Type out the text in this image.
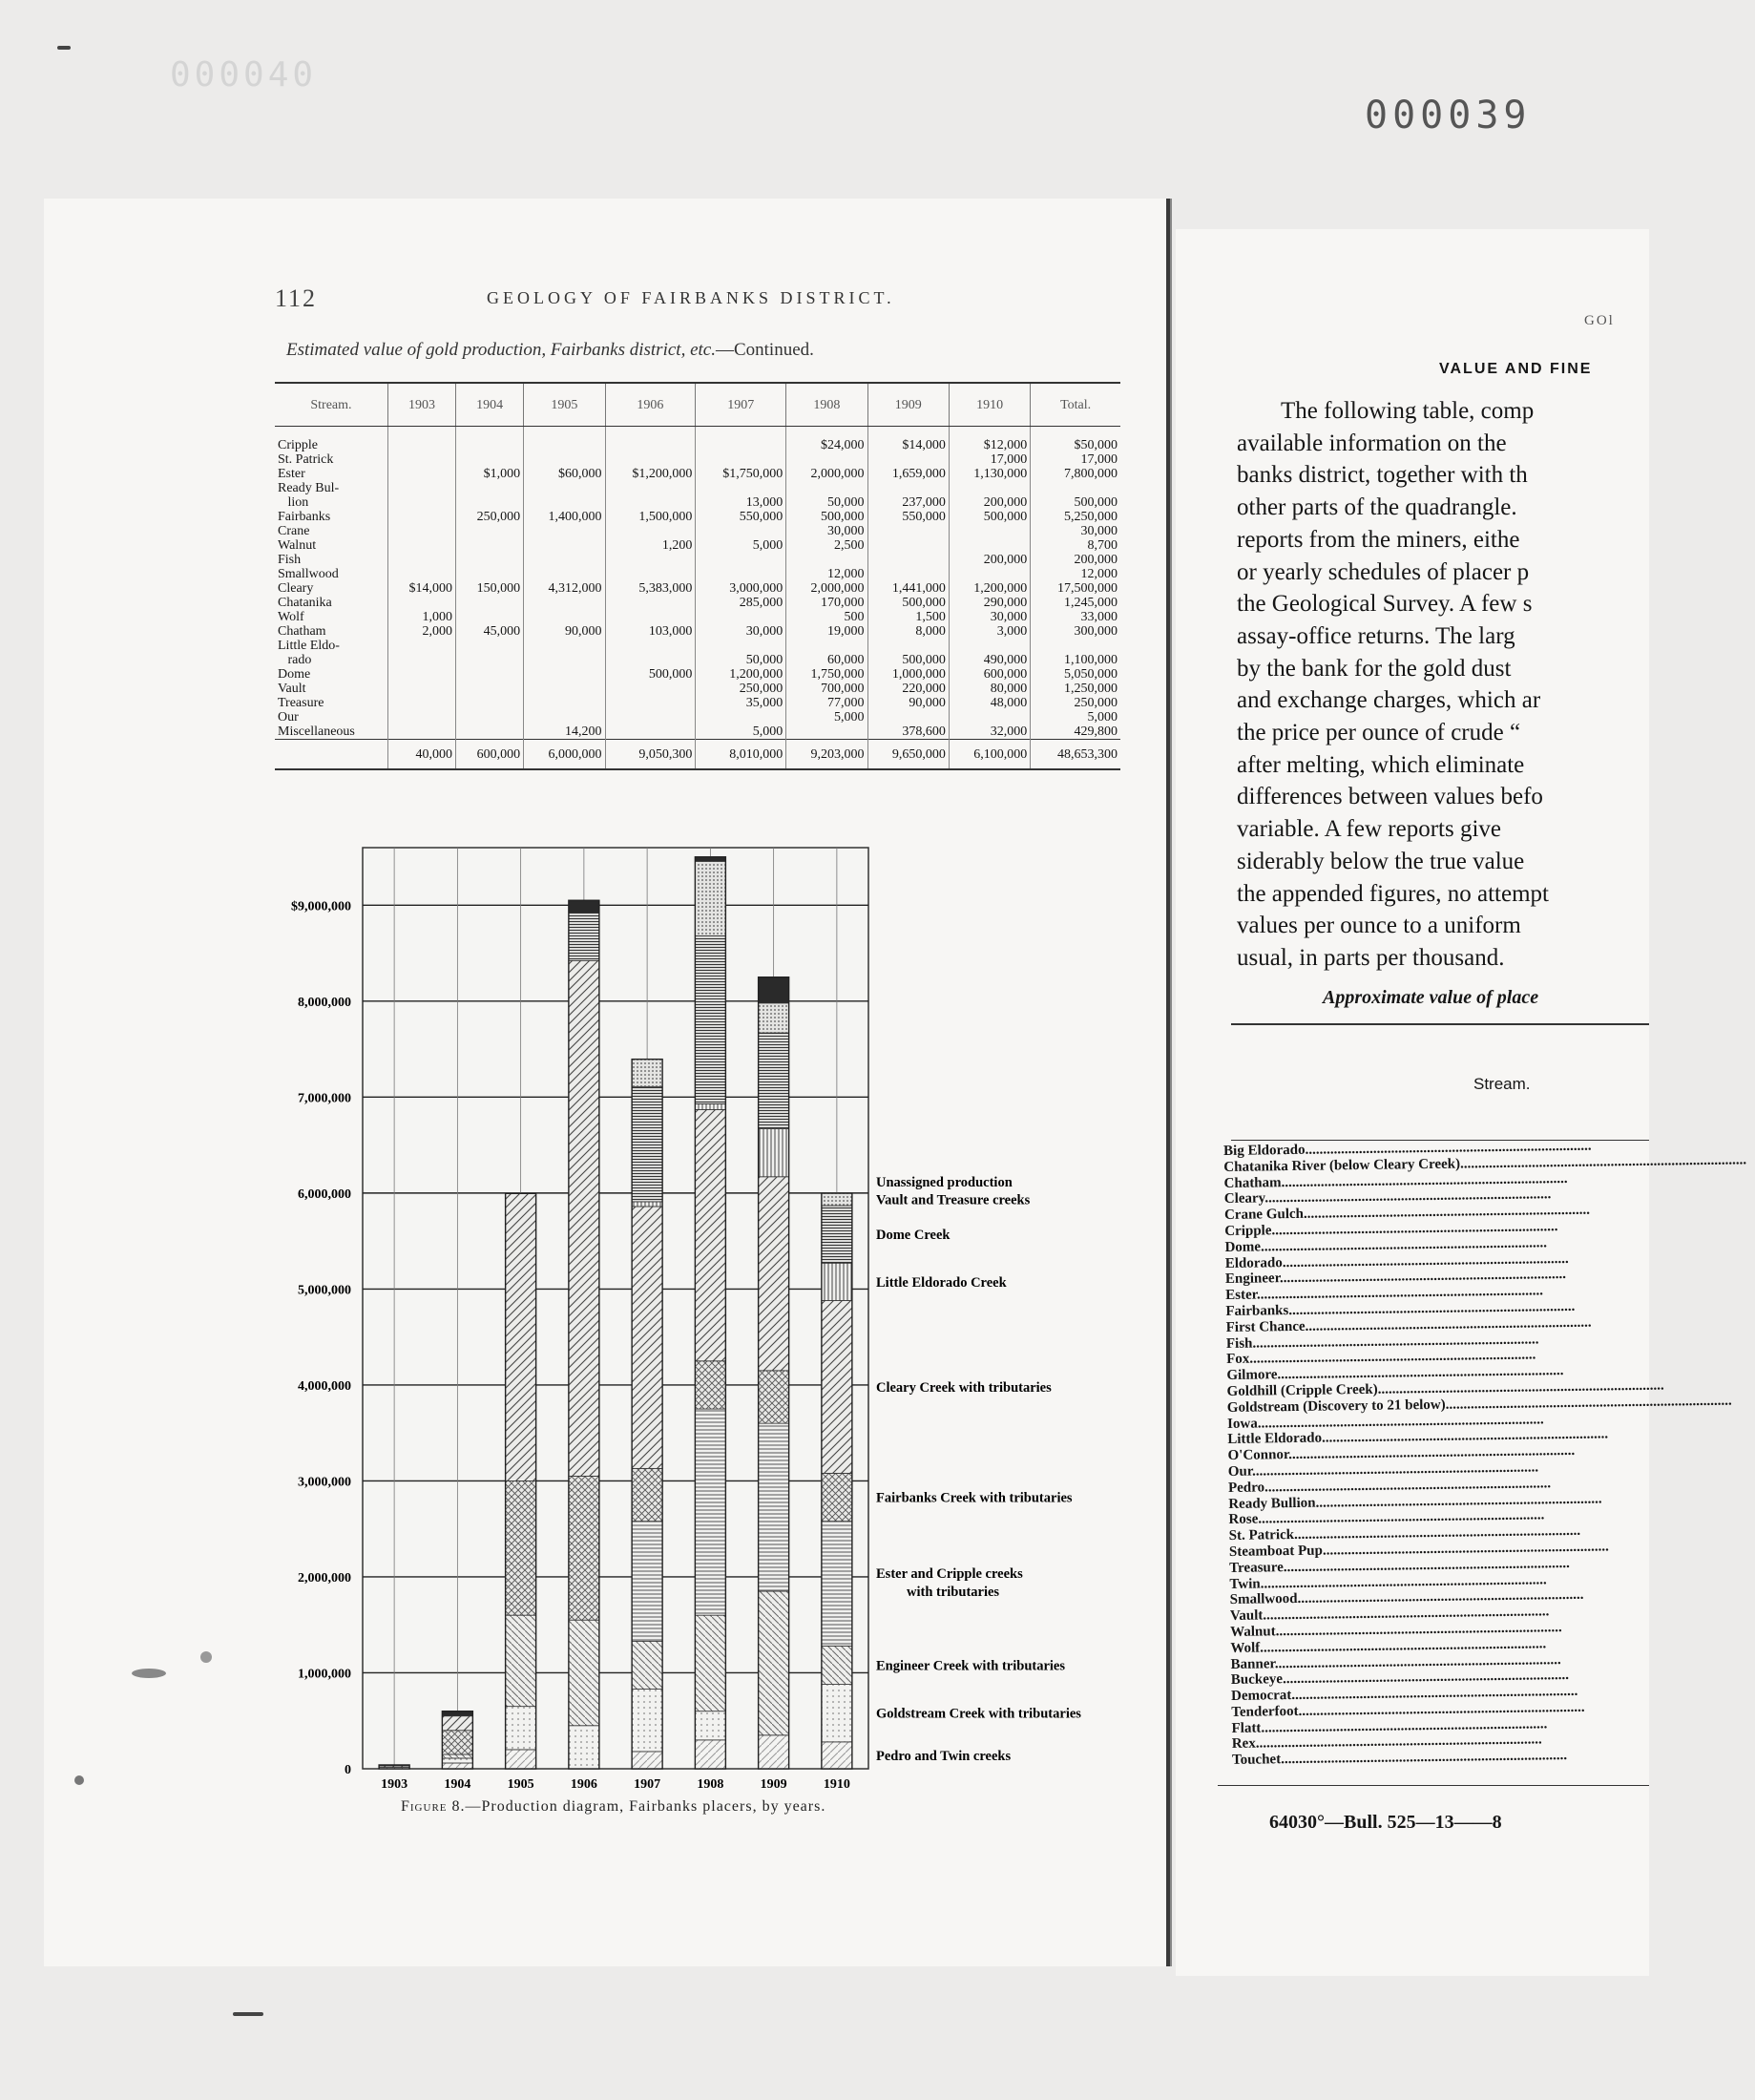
000040
000039
112	GEOLOGY OF FAIRBANKS DISTRICT.
Estimated value of gold production, Fairbanks district, etc.—Continued.
Stream.	1903	1904	1905	1906	1907	1908	1909	1910	Total.

Cripple						$24,000	$14,000	$12,000	$50,000
St. Patrick								17,000	17,000
Ester		$1,000	$60,000	$1,200,000	$1,750,000	2,000,000	1,659,000	1,130,000	7,800,000
Ready Bul-									
lion					13,000	50,000	237,000	200,000	500,000
Fairbanks		250,000	1,400,000	1,500,000	550,000	500,000	550,000	500,000	5,250,000
Crane						30,000			30,000
Walnut				1,200	5,000	2,500			8,700
Fish								200,000	200,000
Smallwood						12,000			12,000
Cleary	$14,000	150,000	4,312,000	5,383,000	3,000,000	2,000,000	1,441,000	1,200,000	17,500,000
Chatanika					285,000	170,000	500,000	290,000	1,245,000
Wolf	1,000					500	1,500	30,000	33,000
Chatham	2,000	45,000	90,000	103,000	30,000	19,000	8,000	3,000	300,000
Little Eldo-									
rado					50,000	60,000	500,000	490,000	1,100,000
Dome				500,000	1,200,000	1,750,000	1,000,000	600,000	5,050,000
Vault					250,000	700,000	220,000	80,000	1,250,000
Treasure					35,000	77,000	90,000	48,000	250,000
Our						5,000			5,000
Miscellaneous			14,200		5,000		378,600	32,000	429,800
	40,000	600,000	6,000,000	9,050,300	8,010,000	9,203,000	9,650,000	6,100,000	48,653,300
0
1,000,000
2,000,000
3,000,000
4,000,000
5,000,000
6,000,000
7,000,000
8,000,000
$9,000,000
1903	1904	1905	1906	1907	1908	1909	1910
Pedro and Twin creeks
Goldstream Creek with tributaries
Engineer Creek with tributaries
Ester and Cripple creeks with tributaries
Fairbanks Creek with tributaries
Cleary Creek with tributaries
Little Eldorado Creek
Dome Creek
Vault and Treasure creeks
Unassigned production
Figure 8.—Production diagram, Fairbanks placers, by years.
GOl
VALUE AND FINE
The following table, comp
available information on the
banks district, together with th
other parts of the quadrangle.
reports from the miners, eithe
or yearly schedules of placer p
the Geological Survey. A few s
assay-office returns. The larg
by the bank for the gold dust
and exchange charges, which ar
the price per ounce of crude “
after melting, which eliminate
differences between values befo
variable. A few reports give
siderably below the true value
the appended figures, no attempt
values per ounce to a uniform
usual, in parts per thousand.
Approximate value of place
Stream.
Big Eldorado................................................................................
Chatanika River (below Cleary Creek)................................................................................
Chatham................................................................................
Cleary................................................................................
Crane Gulch................................................................................
Cripple................................................................................
Dome................................................................................
Eldorado................................................................................
Engineer................................................................................
Ester................................................................................
Fairbanks................................................................................
First Chance................................................................................
Fish................................................................................
Fox................................................................................
Gilmore................................................................................
Goldhill (Cripple Creek)................................................................................
Goldstream (Discovery to 21 below)................................................................................
Iowa................................................................................
Little Eldorado................................................................................
O'Connor................................................................................
Our................................................................................
Pedro................................................................................
Ready Bullion................................................................................
Rose................................................................................
St. Patrick................................................................................
Steamboat Pup................................................................................
Treasure................................................................................
Twin................................................................................
Smallwood................................................................................
Vault................................................................................
Walnut................................................................................
Wolf................................................................................
Banner................................................................................
Buckeye................................................................................
Democrat................................................................................
Tenderfoot................................................................................
Flatt................................................................................
Rex................................................................................
Touchet................................................................................
64030°—Bull. 525—13——8
